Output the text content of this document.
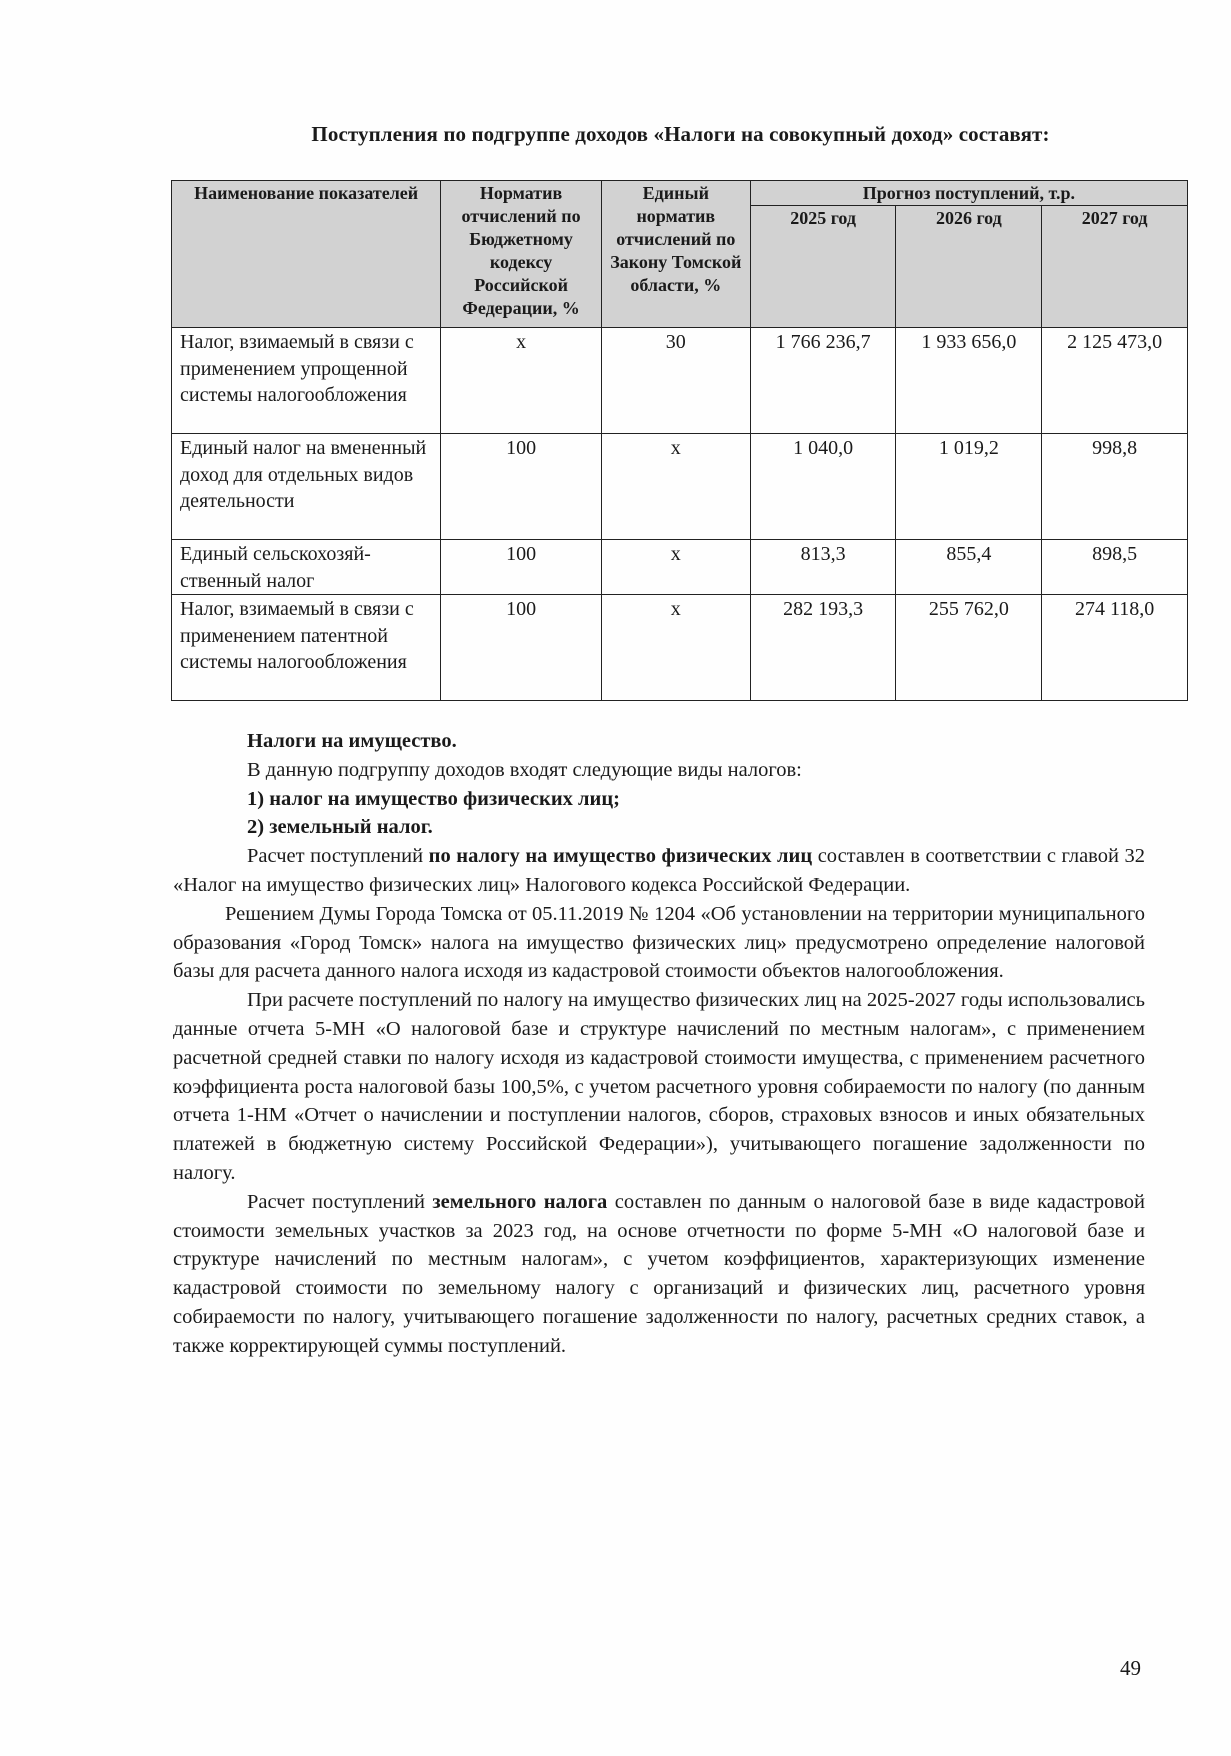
Поступления по подгруппе доходов «Налоги на совокупный доход» составят:
Наименование показателей	Норматив отчислений по Бюджетному кодексу Российской Федерации, %	Единый норматив отчислений по Закону Томской области, %	Прогноз поступлений, т.р.		
			2025 год	2026 год	2027 год
Налог, взимаемый в связи с применением упрощенной системы налогообложения	x	30	1 766 236,7	1 933 656,0	2 125 473,0
Единый налог на вмененный доход для отдельных видов деятельности	100	x	1 040,0	1 019,2	998,8
Единый сельскохозяй-ственный налог	100	x	813,3	855,4	898,5
Налог, взимаемый в связи с применением патентной системы налогообложения	100	x	282 193,3	255 762,0	274 118,0

Налоги на имущество.

В данную подгруппу доходов входят следующие виды налогов:

1) налог на имущество физических лиц;

2) земельный налог.

Расчет поступлений по налогу на имущество физических лиц составлен в соответствии с главой 32 «Налог на имущество физических лиц» Налогового кодекса Российской Федерации.

Решением Думы Города Томска от 05.11.2019 № 1204 «Об установлении на территории муниципального образования «Город Томск» налога на имущество физических лиц» предусмотрено определение налоговой базы для расчета данного налога исходя из кадастровой стоимости объектов налогообложения.

При расчете поступлений по налогу на имущество физических лиц на 2025-2027 годы использовались данные отчета 5-МН «О налоговой базе и структуре начислений по местным налогам», с применением расчетной средней ставки по налогу исходя из кадастровой стоимости имущества, с применением расчетного коэффициента роста налоговой базы 100,5%, с учетом расчетного уровня собираемости по налогу (по данным отчета 1-НМ «Отчет о начислении и поступлении налогов, сборов, страховых взносов и иных обязательных платежей в бюджетную систему Российской Федерации»), учитывающего погашение задолженности по налогу.

Расчет поступлений земельного налога составлен по данным о налоговой базе в виде кадастровой стоимости земельных участков за 2023 год, на основе отчетности по форме 5-МН «О налоговой базе и структуре начислений по местным налогам», с учетом коэффициентов, характеризующих изменение кадастровой стоимости по земельному налогу с организаций и физических лиц, расчетного уровня собираемости по налогу, учитывающего погашение задолженности по налогу, расчетных средних ставок, а также корректирующей суммы поступлений.

49
